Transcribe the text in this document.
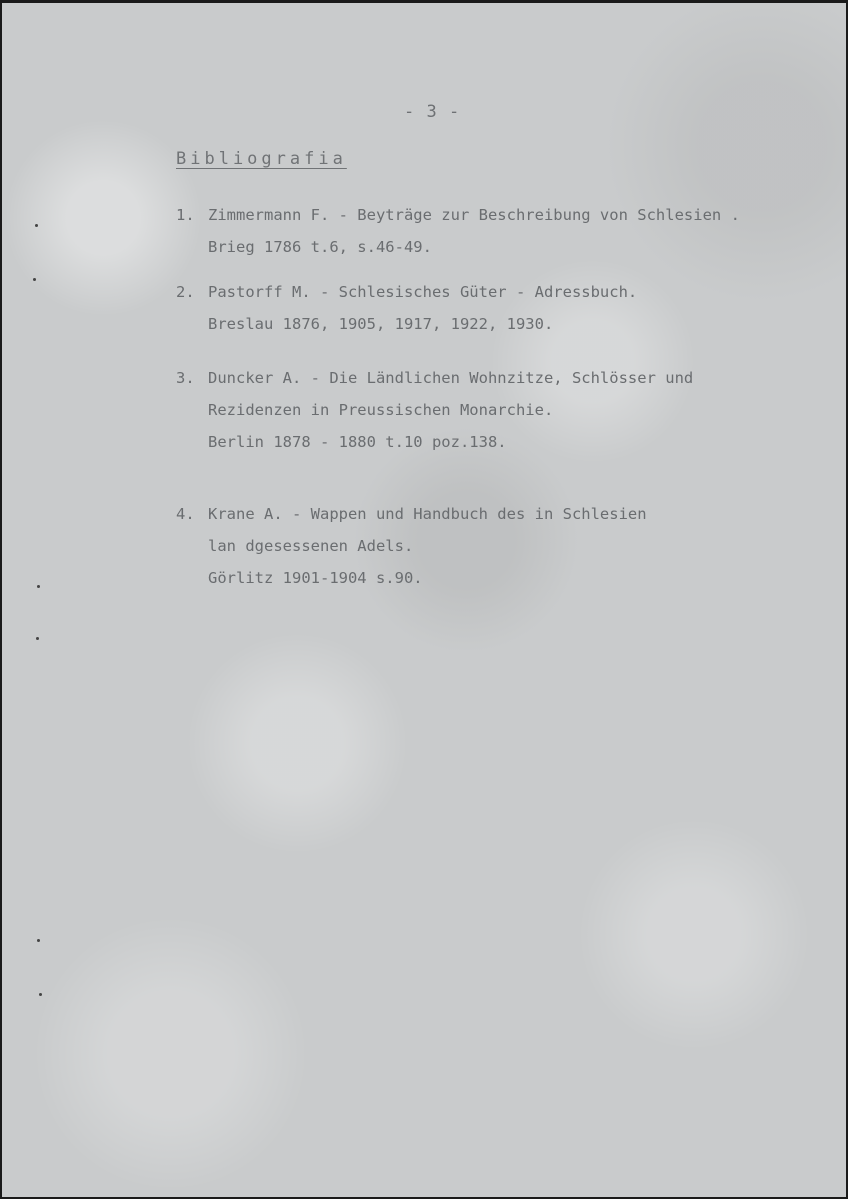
- 3 -
Bibliografia
1. Zimmermann F. - Beyträge zur Beschreibung von Schlesien .
Brieg 1786 t.6, s.46-49.
2. Pastorff M. - Schlesisches Güter - Adressbuch.
Breslau 1876, 1905, 1917, 1922, 1930.
3. Duncker A. - Die Ländlichen Wohnzitze, Schlösser und
Rezidenzen in Preussischen Monarchie.
Berlin 1878 - 1880 t.10 poz.138.
4. Krane A. - Wappen und Handbuch des in Schlesien
lan dgesessenen Adels.
Görlitz 1901-1904 s.90.
